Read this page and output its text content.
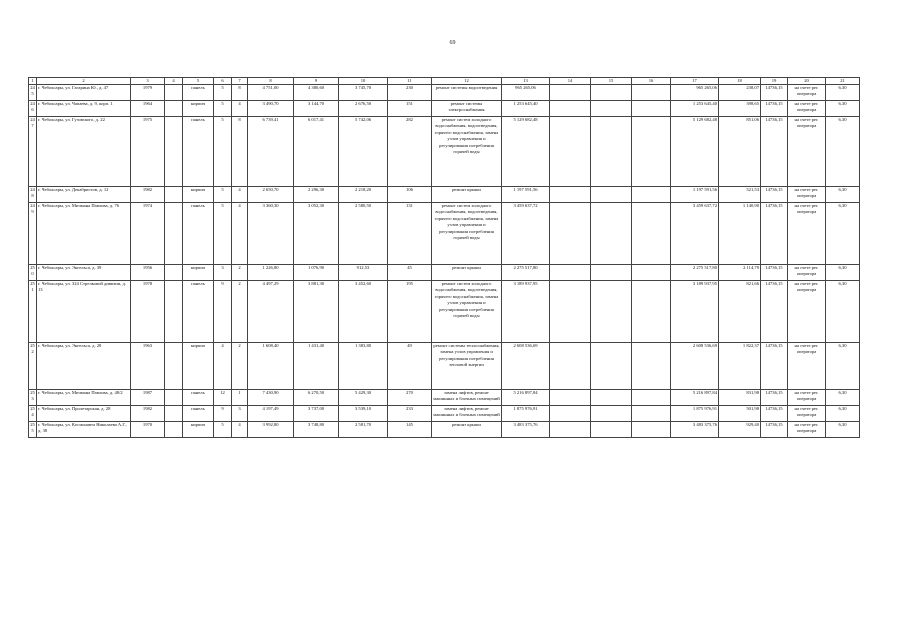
69
1	2	3	4	5	6	7	8	9	10	11	12	13	14	15	16	17	18	19	20	21
245	г. Чебоксары, ул. Гагарина Ю., д. 47	1979		панель	5	8	4 751,00	4 380,60	3 745,70	230	ремонт системы водоотведения	965 265,06				965 265,06	238,07	14736,15	на счете рег. оператора	6,30
246	г. Чебоксары, ул. Чапаева, д. 9, корп. 1	1964		кирпич	5	4	3 490,70	3 144,70	2 676,50	151	ремонт системы электроснабжения	1 253 645,40				1 253 645,40	398,65	14736,15	на счете рег. оператора	6,30
247	г. Чебоксары, ул. Гузовского, д. 22	1975		панель	5	8	6 739,41	6 017,41	5 742,06	282	ремонт систем холодного водоснабжения, водоотведения, горячего водоснабжения, замена узлов управления и регулирования потребления горячей воды	5 129 682,48				5 129 682,48	851,06	14736,15	на счете рег. оператора	6,30
248	г. Чебоксары, ул. Декабристов, д. 12	1982		кирпич	5	4	2 650,70	2 296,30	2 218,20	106	ремонт крыши	1 197 591,56				1 197 591,56	521,53	14736,15	на счете рег. оператора	6,30
249	г. Чебоксары, ул. Мичмана Павлова, д. 76	1974		панель	5	4	3 360,30	3 052,30	2 580,50	131	ремонт систем холодного водоснабжения, водоотведения, горячего водоснабжения, замена узлов управления и регулирования потребления горячей воды	3 459 637,72				3 459 637,72	1 140,90	14736,15	на счете рег. оператора	6,30
250	г. Чебоксары, ул. Энгельса, д. 39	1956		кирпич	3	2	1 226,80	1 076,90	912,53	45	ремонт крыши	2 275 517,80				2 275 517,80	2 114,79	14736,15	на счете рег. оператора	6,30
251	г. Чебоксары, ул. 324 Стрелковой дивизии, д. 13	1978		панель	9	2	4 497,29	3 881,30	3 452,60	195	ремонт систем холодного водоснабжения, водоотведения, горячего водоснабжения, замена узлов управления и регулирования потребления горячей воды	3 189 937,95				3 189 937,95	821,66	14736,15	на счете рег. оператора	6,30
252	г. Чебоксары, ул. Энгельса, д. 28	1963		кирпич	4	2	1 608,40	1 431,40	1 383,80	49	ремонт системы теплоснабжения, замена узлов управления и регулирования потребления тепловой энергии	2 608 536,69				2 608 536,69	1 822,37	14736,15	на счете рег. оператора	6,30
253	г. Чебоксары, ул. Мичмана Павлова, д. 48/2	1987		панель	12	1	7 430,90	6 270,50	5 429,30	270	замена лифтов, ремонт машинных и блочных помещений	5 216 897,84				5 216 897,84	831,98	14736,15	на счете рег. оператора	6,30
254	г. Чебоксары, ул. Пролетарская, д. 28	1982		панель	9	3	4 197,49	3 737,00	3 539,10	233	замена лифтов, ремонт машинных и блочных помещений	1 875 976,91				1 875 976,91	501,98	14736,15	на счете рег. оператора	6,30
255	г. Чебоксары, ул. Космонавта Николаева А.Г., д. 38	1970		кирпич	5	4	3 992,80	3 748,80	2 581,70	145	ремонт крыши	3 483 375,76				3 483 375,76	929,40	14736,15	на счете рег. оператора	6,30
